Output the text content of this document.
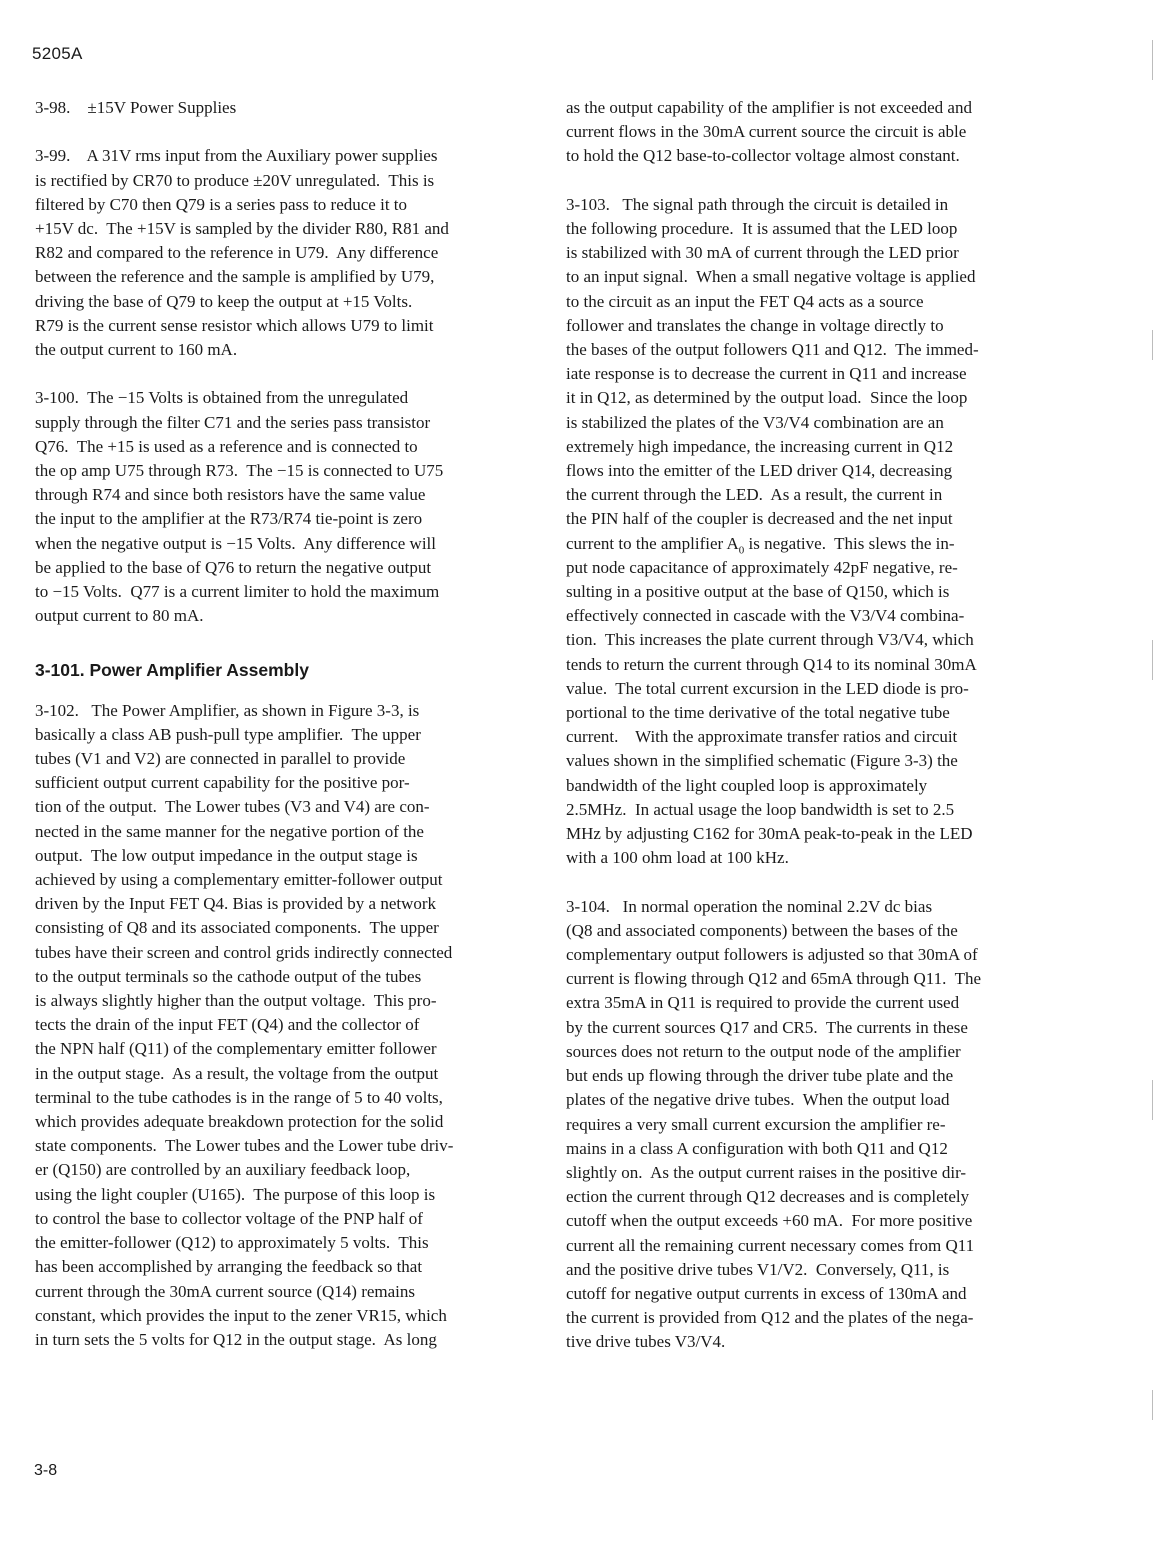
5205A
3-98.    ±15V Power Supplies
3-99.    A 31V rms input from the Auxiliary power supplies
is rectified by CR70 to produce ±20V unregulated.  This is
filtered by C70 then Q79 is a series pass to reduce it to
+15V dc.  The +15V is sampled by the divider R80, R81 and
R82 and compared to the reference in U79.  Any difference
between the reference and the sample is amplified by U79,
driving the base of Q79 to keep the output at +15 Volts.
R79 is the current sense resistor which allows U79 to limit
the output current to 160 mA.
3-100.  The −15 Volts is obtained from the unregulated
supply through the filter C71 and the series pass transistor
Q76.  The +15 is used as a reference and is connected to
the op amp U75 through R73.  The −15 is connected to U75
through R74 and since both resistors have the same value
the input to the amplifier at the R73/R74 tie-point is zero
when the negative output is −15 Volts.  Any difference will
be applied to the base of Q76 to return the negative output
to −15 Volts.  Q77 is a current limiter to hold the maximum
output current to 80 mA.
3-101. Power Amplifier Assembly
3-102.   The Power Amplifier, as shown in Figure 3-3, is
basically a class AB push-pull type amplifier.  The upper
tubes (V1 and V2) are connected in parallel to provide
sufficient output current capability for the positive por-
tion of the output.  The Lower tubes (V3 and V4) are con-
nected in the same manner for the negative portion of the
output.  The low output impedance in the output stage is
achieved by using a complementary emitter-follower output
driven by the Input FET Q4. Bias is provided by a network
consisting of Q8 and its associated components.  The upper
tubes have their screen and control grids indirectly connected
to the output terminals so the cathode output of the tubes
is always slightly higher than the output voltage.  This pro-
tects the drain of the input FET (Q4) and the collector of
the NPN half (Q11) of the complementary emitter follower
in the output stage.  As a result, the voltage from the output
terminal to the tube cathodes is in the range of 5 to 40 volts,
which provides adequate breakdown protection for the solid
state components.  The Lower tubes and the Lower tube driv-
er (Q150) are controlled by an auxiliary feedback loop,
using the light coupler (U165).  The purpose of this loop is
to control the base to collector voltage of the PNP half of
the emitter-follower (Q12) to approximately 5 volts.  This
has been accomplished by arranging the feedback so that
current through the 30mA current source (Q14) remains
constant, which provides the input to the zener VR15, which
in turn sets the 5 volts for Q12 in the output stage.  As long
as the output capability of the amplifier is not exceeded and
current flows in the 30mA current source the circuit is able
to hold the Q12 base-to-collector voltage almost constant.
3-103.   The signal path through the circuit is detailed in
the following procedure.  It is assumed that the LED loop
is stabilized with 30 mA of current through the LED prior
to an input signal.  When a small negative voltage is applied
to the circuit as an input the FET Q4 acts as a source
follower and translates the change in voltage directly to
the bases of the output followers Q11 and Q12.  The immed-
iate response is to decrease the current in Q11 and increase
it in Q12, as determined by the output load.  Since the loop
is stabilized the plates of the V3/V4 combination are an
extremely high impedance, the increasing current in Q12
flows into the emitter of the LED driver Q14, decreasing
the current through the LED.  As a result, the current in
the PIN half of the coupler is decreased and the net input
current to the amplifier $A_0$ is negative.  This slews the in-
put node capacitance of approximately 42pF negative, re-
sulting in a positive output at the base of Q150, which is
effectively connected in cascade with the V3/V4 combina-
tion.  This increases the plate current through V3/V4, which
tends to return the current through Q14 to its nominal 30mA
value.  The total current excursion in the LED diode is pro-
portional to the time derivative of the total negative tube
current.    With the approximate transfer ratios and circuit
values shown in the simplified schematic (Figure 3-3) the
bandwidth of the light coupled loop is approximately
2.5MHz.  In actual usage the loop bandwidth is set to 2.5
MHz by adjusting C162 for 30mA peak-to-peak in the LED
with a 100 ohm load at 100 kHz.
3-104.   In normal operation the nominal 2.2V dc bias
(Q8 and associated components) between the bases of the
complementary output followers is adjusted so that 30mA of
current is flowing through Q12 and 65mA through Q11.  The
extra 35mA in Q11 is required to provide the current used
by the current sources Q17 and CR5.  The currents in these
sources does not return to the output node of the amplifier
but ends up flowing through the driver tube plate and the
plates of the negative drive tubes.  When the output load
requires a very small current excursion the amplifier re-
mains in a class A configuration with both Q11 and Q12
slightly on.  As the output current raises in the positive dir-
ection the current through Q12 decreases and is completely
cutoff when the output exceeds +60 mA.  For more positive
current all the remaining current necessary comes from Q11
and the positive drive tubes V1/V2.  Conversely, Q11, is
cutoff for negative output currents in excess of 130mA and
the current is provided from Q12 and the plates of the nega-
tive drive tubes V3/V4.
3-8
